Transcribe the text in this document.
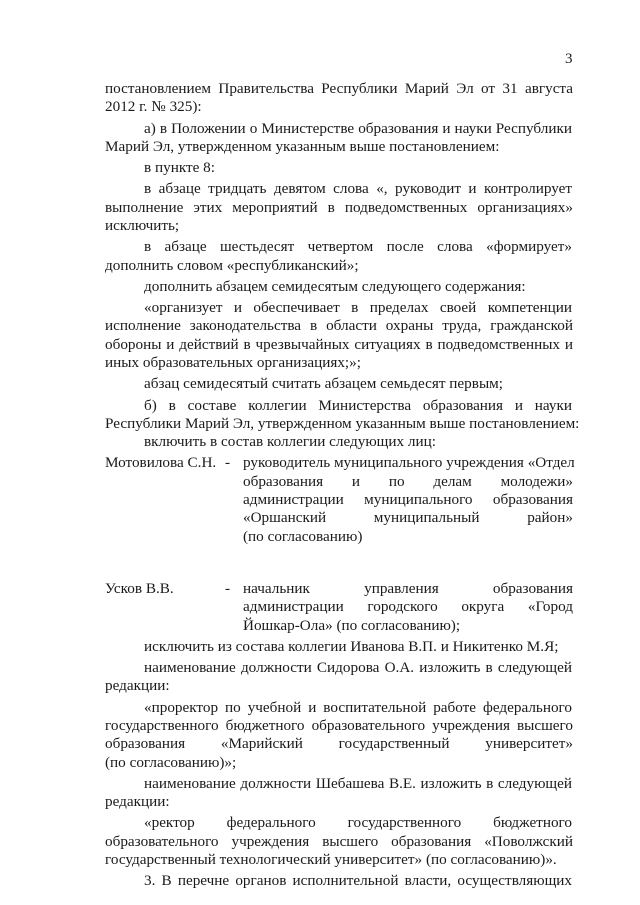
3
постановлением Правительства Республики Марий Эл от 31 августа
2012 г. № 325):
а) в Положении о Министерстве образования и науки Республики
Марий Эл, утвержденном указанным выше постановлением:
в пункте 8:
в абзаце тридцать девятом слова «, руководит и контролирует
выполнение этих мероприятий в подведомственных организациях»
исключить;
в абзаце шестьдесят четвертом после слова «формирует»
дополнить словом «республиканский»;
дополнить абзацем семидесятым следующего содержания:
«организует и обеспечивает в пределах своей компетенции
исполнение законодательства в области охраны труда, гражданской
обороны и действий в чрезвычайных ситуациях в подведомственных и
иных образовательных организациях;»;
абзац семидесятый считать абзацем семьдесят первым;
б) в составе коллегии Министерства образования и науки
Республики Марий Эл, утвержденном указанным выше постановлением:
включить в состав коллегии следующих лиц:
Мотовилова С.Н. - руководитель муниципального учреждения «Отдел
образования и по делам молодежи»
администрации муниципального образования
«Оршанский муниципальный район»
(по согласованию)
Усков В.В.	- начальник управления образования
администрации городского округа «Город
Йошкар-Ола» (по согласованию);
исключить из состава коллегии Иванова В.П. и Никитенко М.Я;
наименование должности Сидорова О.А. изложить в следующей
редакции:
«проректор по учебной и воспитательной работе федерального
государственного бюджетного образовательного учреждения высшего
образования «Марийский государственный университет»
(по согласованию)»;
наименование должности Шебашева В.Е. изложить в следующей
редакции:
«ректор федерального государственного бюджетного
образовательного учреждения высшего образования «Поволжский
государственный технологический университет» (по согласованию)».
3. В перечне органов исполнительной власти, осуществляющих
